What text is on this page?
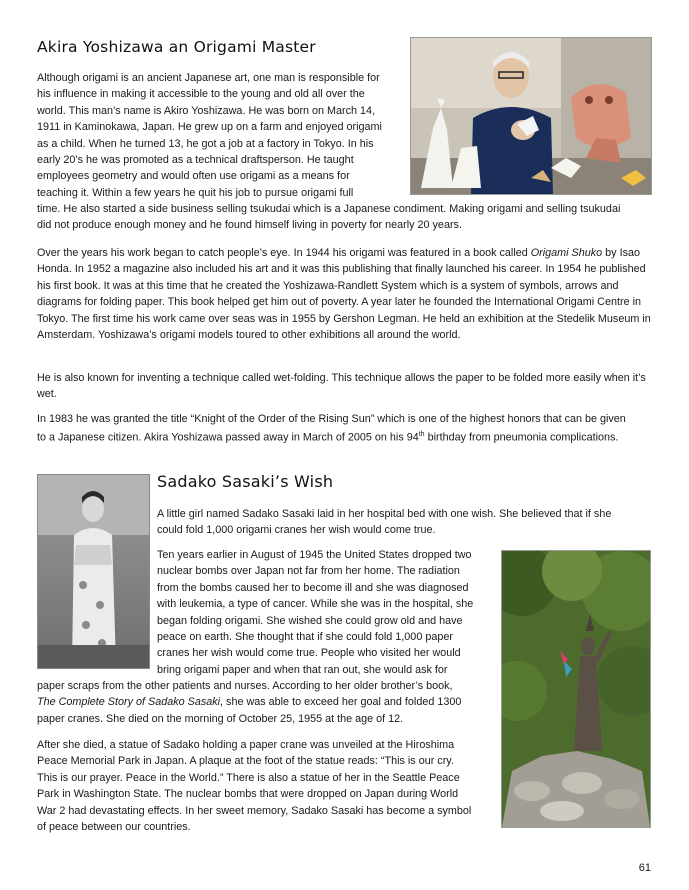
Akira Yoshizawa an Origami Master
Although origami is an ancient Japanese art, one man is responsible for
his influence in making it accessible to the young and old all over the
world. This man’s name is Akiro Yoshizawa. He was born on March 14,
1911 in Kaminokawa, Japan. He grew up on a farm and enjoyed origami
as a child. When he turned 13, he got a job at a factory in Tokyo. In his
early 20’s he was promoted as a technical draftsperson. He taught
employees geometry and would often use origami as a means for
teaching it. Within a few years he quit his job to pursue origami full
time. He also started a side business selling tsukudai which is a Japanese condiment. Making origami and selling tsukudai
did not produce enough money and he found himself living in poverty for nearly 20 years.

Over the years his work began to catch people’s eye. In 1944 his origami was featured in a book called Origami Shuko by Isao Honda. In 1952 a magazine also included his art and it was this publishing that finally launched his career. In 1954 he published his first book. It was at this time that he created the Yoshizawa-Randlett System which is a system of symbols, arrows and diagrams for folding paper. This book helped get him out of poverty. A year later he founded the International Origami Centre in Tokyo. The first time his work came over seas was in 1955 by Gershon Legman. He held an exhibition at the Stedelik Museum in Amsterdam. Yoshizawa’s origami models toured to other exhibitions all around the world.

He is also known for inventing a technique called wet-folding. This technique allows the paper to be folded more easily when it’s wet.

In 1983 he was granted the title “Knight of the Order of the Rising Sun” which is one of the highest honors that can be given to a Japanese citizen. Akira Yoshizawa passed away in March of 2005 on his 94th birthday from pneumonia complications.

Sadako Sasaki’s Wish
A little girl named Sadako Sasaki laid in her hospital bed with one wish. She believed that if she
could fold 1,000 origami cranes her wish would come true.
Ten years earlier in August of 1945 the United States dropped two
nuclear bombs over Japan not far from her home. The radiation
from the bombs caused her to become ill and she was diagnosed
with leukemia, a type of cancer. While she was in the hospital, she
began folding origami. She wished she could grow old and have
peace on earth. She thought that if she could fold 1,000 paper
cranes her wish would come true. People who visited her would
bring origami paper and when that ran out, she would ask for
paper scraps from the other patients and nurses. According to her older brother’s book,
The Complete Story of Sadako Sasaki, she was able to exceed her goal and folded 1300
paper cranes. She died on the morning of October 25, 1955 at the age of 12.
After she died, a statue of Sadako holding a paper crane was unveiled at the Hiroshima
Peace Memorial Park in Japan. A plaque at the foot of the statue reads: “This is our cry.
This is our prayer. Peace in the World.” There is also a statue of her in the Seattle Peace
Park in Washington State. The nuclear bombs that were dropped on Japan during World
War 2 had devastating effects. In her sweet memory, Sadako Sasaki has become a symbol
of peace between our countries.
61
